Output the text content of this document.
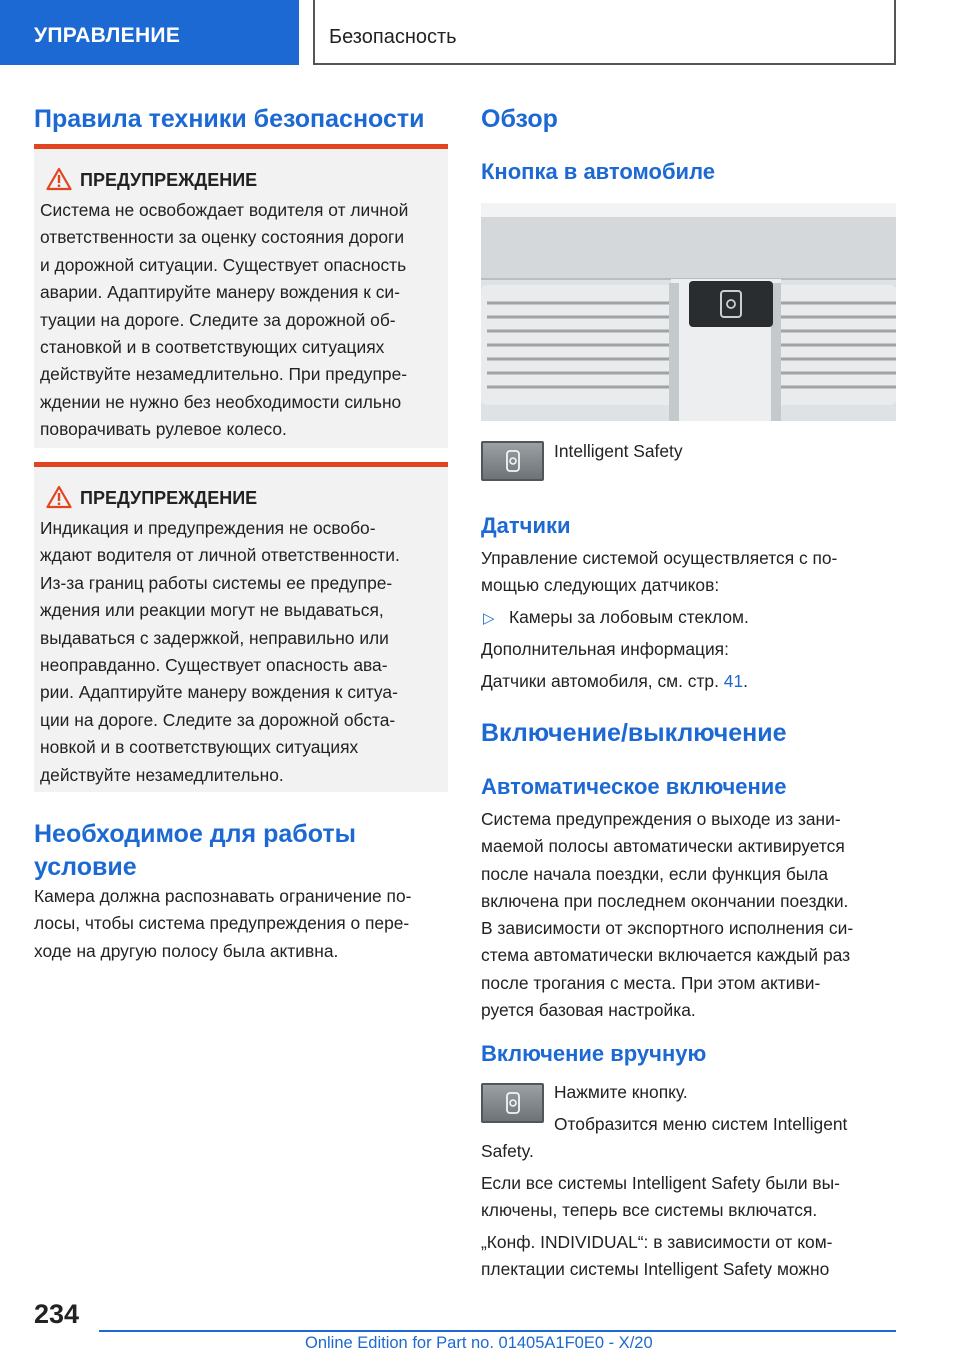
УПРАВЛЕНИЕ	Безопасность
Правила техники безопасности
ПРЕДУПРЕЖДЕНИЕ

Система не освобождает водителя от личной
ответственности за оценку состояния дороги
и дорожной ситуации. Существует опасность
аварии. Адаптируйте манеру вождения к си-
туации на дороге. Следите за дорожной об-
становкой и в соответствующих ситуациях
действуйте незамедлительно. При предупре-
ждении не нужно без необходимости сильно
поворачивать рулевое колесо.

ПРЕДУПРЕЖДЕНИЕ

Индикация и предупреждения не освобо-
ждают водителя от личной ответственности.
Из-за границ работы системы ее предупре-
ждения или реакции могут не выдаваться,
выдаваться с задержкой, неправильно или
неоправданно. Существует опасность ава-
рии. Адаптируйте манеру вождения к ситуа-
ции на дороге. Следите за дорожной обста-
новкой и в соответствующих ситуациях
действуйте незамедлительно.

Необходимое для работы
условие

Камера должна распознавать ограничение по-
лосы, чтобы система предупреждения о пере-
ходе на другую полосу была активна.

Обзор
Кнопка в автомобиле

Intelligent Safety

Датчики

Управление системой осуществляется с по-
мощью следующих датчиков:

▷ Камеры за лобовым стеклом.

Дополнительная информация:

Датчики автомобиля, см. стр. 41.

Включение/выключение
Автоматическое включение

Система предупреждения о выходе из зани-
маемой полосы автоматически активируется
после начала поездки, если функция была
включена при последнем окончании поездки.

В зависимости от экспортного исполнения си-
стема автоматически включается каждый раз
после трогания с места. При этом активи-
руется базовая настройка.

Включение вручную

Нажмите кнопку.

Отобразится меню систем Intelligent

Safety.

Если все системы Intelligent Safety были вы-
ключены, теперь все системы включатся.

„Конф. INDIVIDUAL“: в зависимости от ком-
плектации системы Intelligent Safety можно

234
Online Edition for Part no. 01405A1F0E0 - X/20
